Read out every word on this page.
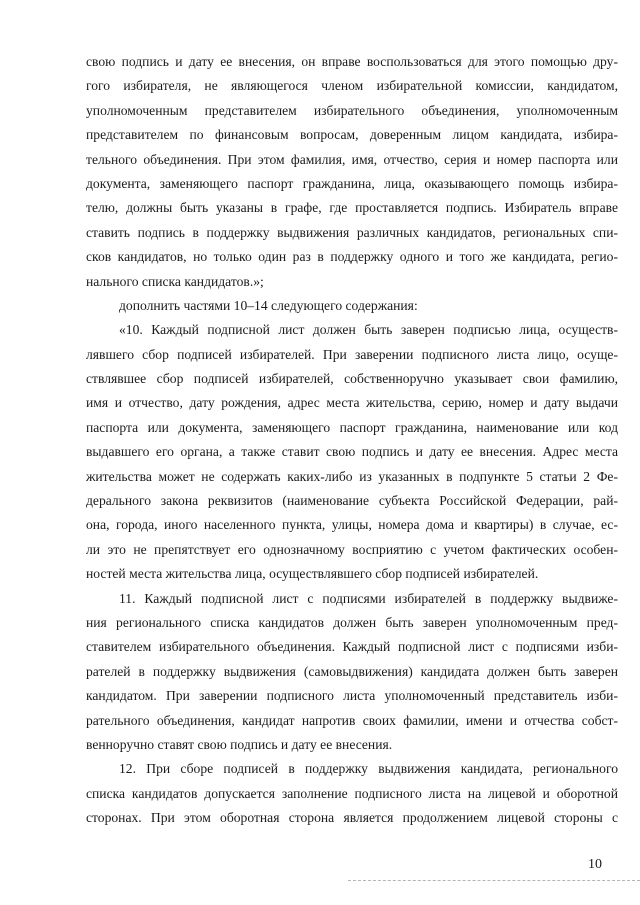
свою подпись и дату ее внесения, он вправе воспользоваться для этого помощью дру-
гого избирателя, не являющегося членом избирательной комиссии, кандидатом,
уполномоченным представителем избирательного объединения, уполномоченным
представителем по финансовым вопросам, доверенным лицом кандидата, избира-
тельного объединения. При этом фамилия, имя, отчество, серия и номер паспорта или
документа, заменяющего паспорт гражданина, лица, оказывающего помощь избира-
телю, должны быть указаны в графе, где проставляется подпись. Избиратель вправе
ставить подпись в поддержку выдвижения различных кандидатов, региональных спи-
сков кандидатов, но только один раз в поддержку одного и того же кандидата, регио-
нального списка кандидатов.»;
дополнить частями 10–14 следующего содержания:
«10. Каждый подписной лист должен быть заверен подписью лица, осуществ-
лявшего сбор подписей избирателей. При заверении подписного листа лицо, осуще-
ствлявшее сбор подписей избирателей, собственноручно указывает свои фамилию,
имя и отчество, дату рождения, адрес места жительства, серию, номер и дату выдачи
паспорта или документа, заменяющего паспорт гражданина, наименование или код
выдавшего его органа, а также ставит свою подпись и дату ее внесения. Адрес места
жительства может не содержать каких-либо из указанных в подпункте 5 статьи 2 Фе-
дерального закона реквизитов (наименование субъекта Российской Федерации, рай-
она, города, иного населенного пункта, улицы, номера дома и квартиры) в случае, ес-
ли это не препятствует его однозначному восприятию с учетом фактических особен-
ностей места жительства лица, осуществлявшего сбор подписей избирателей.
11. Каждый подписной лист с подписями избирателей в поддержку выдвиже-
ния регионального списка кандидатов должен быть заверен уполномоченным пред-
ставителем избирательного объединения. Каждый подписной лист с подписями изби-
рателей в поддержку выдвижения (самовыдвижения) кандидата должен быть заверен
кандидатом. При заверении подписного листа уполномоченный представитель изби-
рательного объединения, кандидат напротив своих фамилии, имени и отчества собст-
венноручно ставят свою подпись и дату ее внесения.
12. При сборе подписей в поддержку выдвижения кандидата, регионального
списка кандидатов допускается заполнение подписного листа на лицевой и оборотной
сторонах. При этом оборотная сторона является продолжением лицевой стороны с
10
